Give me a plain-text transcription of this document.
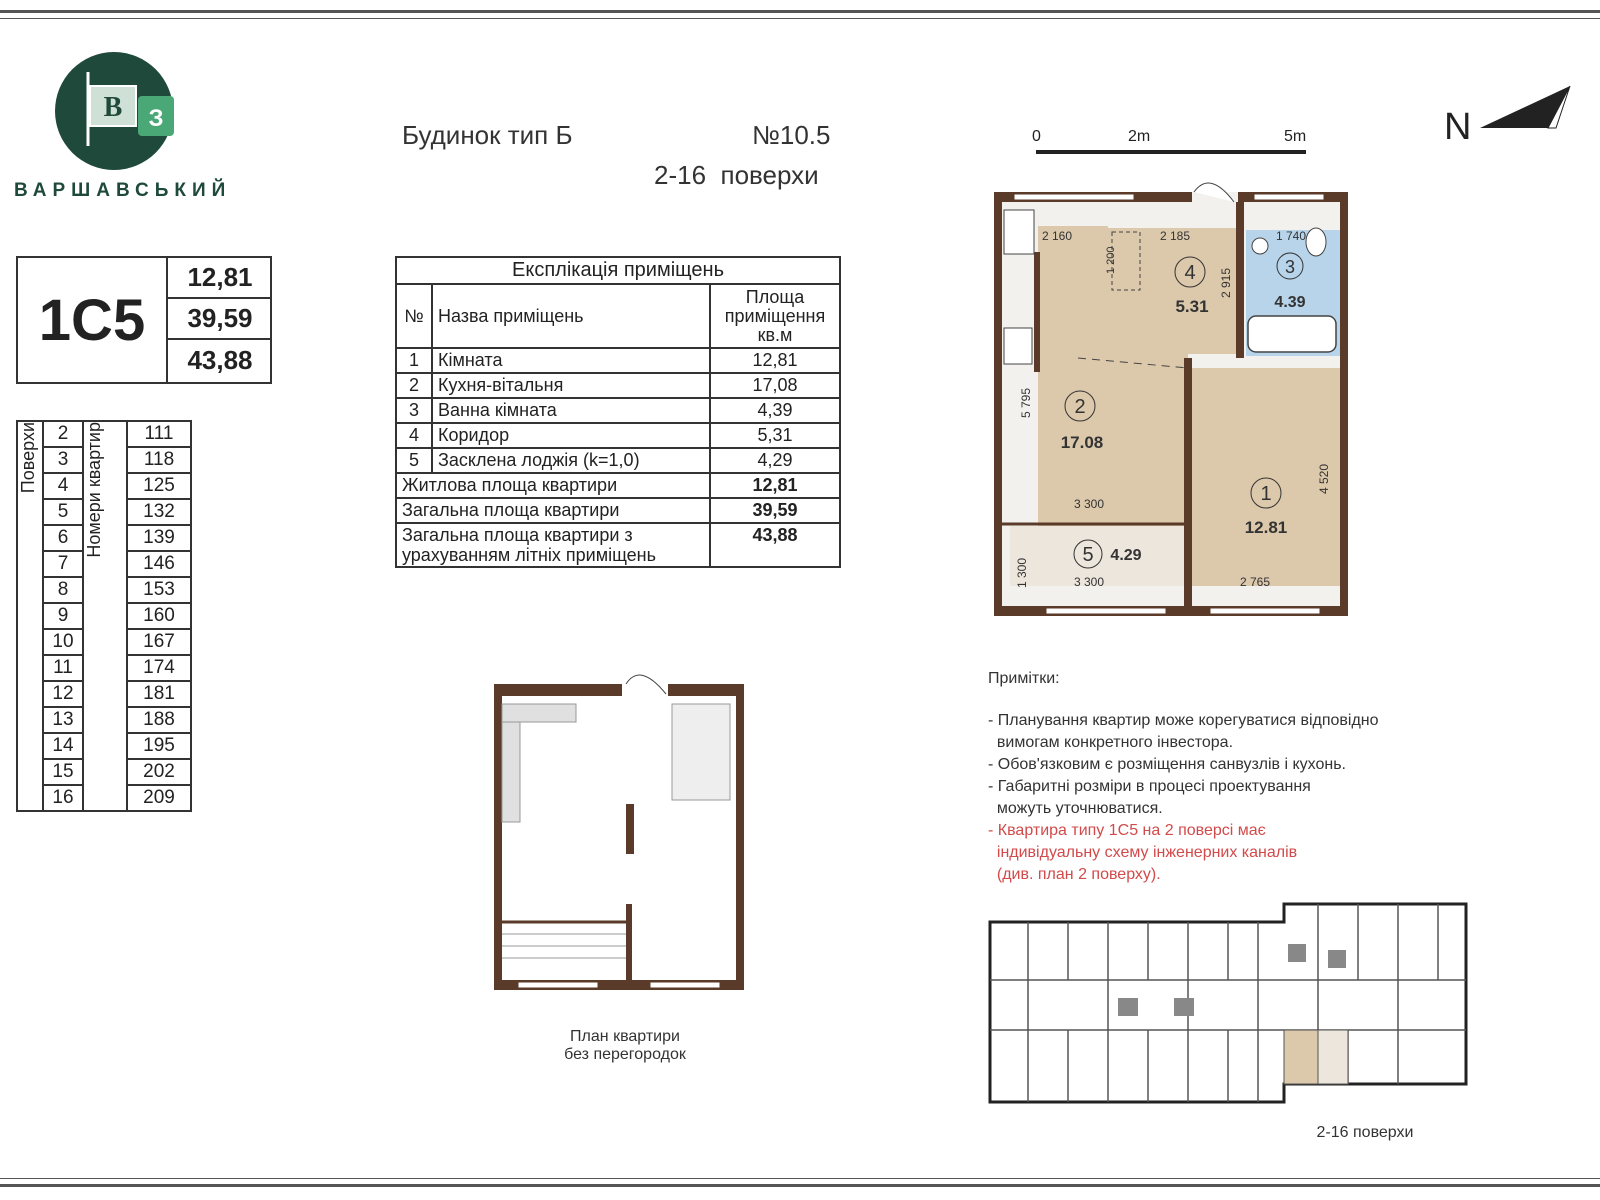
B З
ВАРШАВСЬКИЙ
Будинок тип Б	№10.5
2-16  поверхи
1C5
12,81
39,59
43,88
Поверхи	2	Номери квартир	111
	3		118
	4		125
	5		132
	6		139
	7		146
	8		153
	9		160
	10		167
	11		174
	12		181
	13		188
	14		195
	15		202
	16		209
Експлікація приміщень		
№	Назва приміщень	Площа приміщення кв.м
1	Кімната	12,81
2	Кухня-вітальня	17,08
3	Ванна кімната	4,39
4	Коридор	5,31
5	Засклена лоджія (k=1,0)	4,29
Житлова площа квартири		12,81
Загальна площа квартири		39,59
Загальна площа квартири з урахуванням літніх приміщень		43,88
0	2m	5m	N
2
17.08
1
12.81
4
5.31
3
4.39
5 4.29
2 160	2 185	1 740
1 200
2 915
5 795
3 300
4 520
1 300	3 300	2 765
План квартири
без перегородок
Примітки:
- Планування квартир може корегуватися відповідно
вимогам конкретного інвестора.
- Обов'язковим є розміщення санвузлів і кухонь.
- Габаритні розміри в процесі проектування
можуть уточнюватися.
- Квартира типу 1С5 на 2 поверсі має
індивідуальну схему інженерних каналів
(див. план 2 поверху).
2-16 поверхи
